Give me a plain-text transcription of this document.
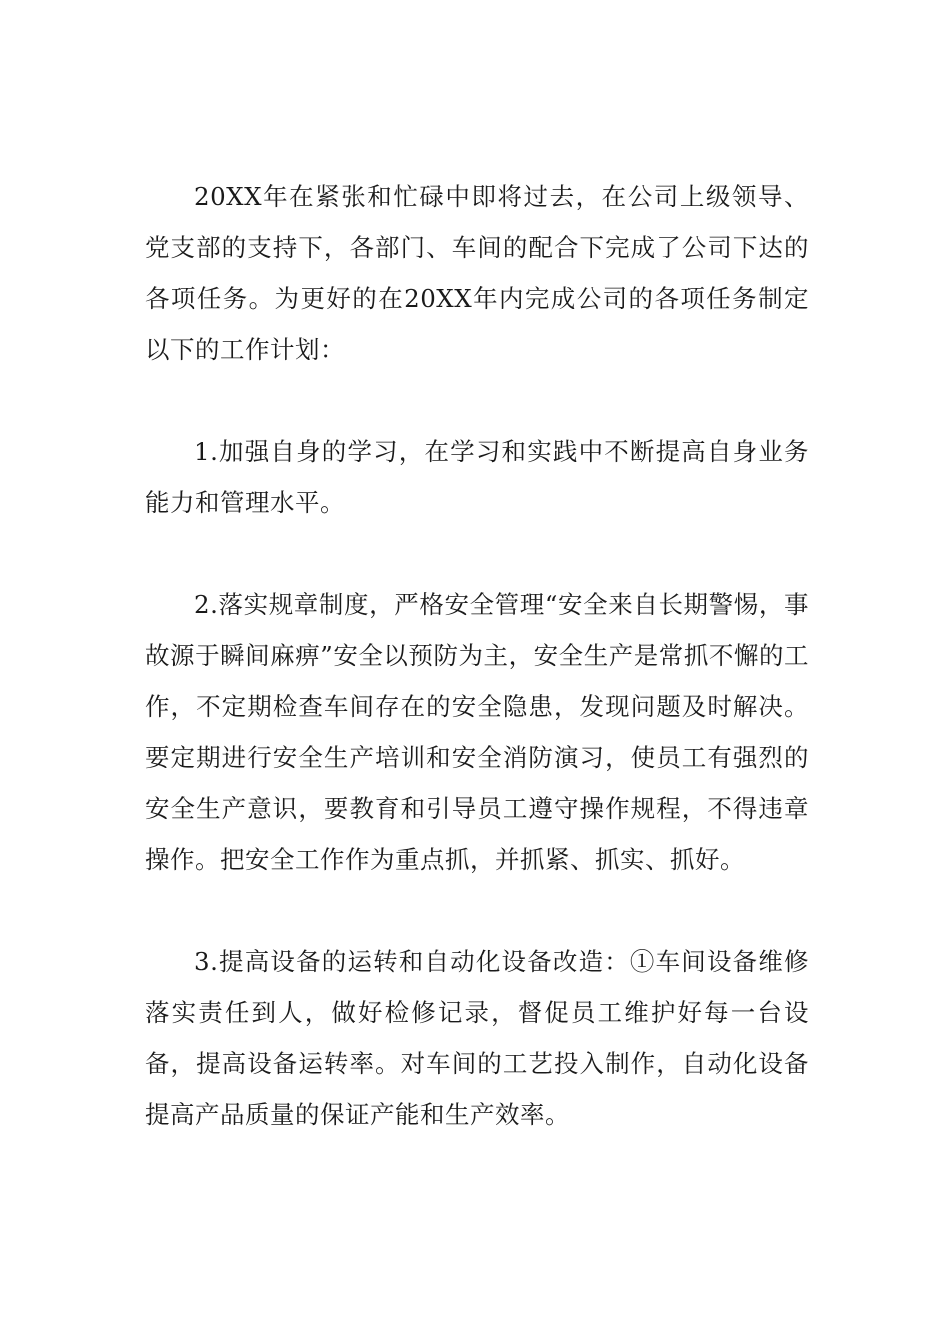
20XX年在紧张和忙碌中即将过去，在公司上级领导、党支部的支持下，各部门、车间的配合下完成了公司下达的各项任务。为更好的在20XX年内完成公司的各项任务制定以下的工作计划：

1.加强自身的学习，在学习和实践中不断提高自身业务能力和管理水平。

2.落实规章制度，严格安全管理“安全来自长期警惕，事故源于瞬间麻痹”安全以预防为主，安全生产是常抓不懈的工作，不定期检查车间存在的安全隐患，发现问题及时解决。要定期进行安全生产培训和安全消防演习，使员工有强烈的安全生产意识，要教育和引导员工遵守操作规程，不得违章操作。把安全工作作为重点抓，并抓紧、抓实、抓好。

3.提高设备的运转和自动化设备改造：①车间设备维修落实责任到人，做好检修记录，督促员工维护好每一台设备，提高设备运转率。对车间的工艺投入制作，自动化设备提高产品质量的保证产能和生产效率。
